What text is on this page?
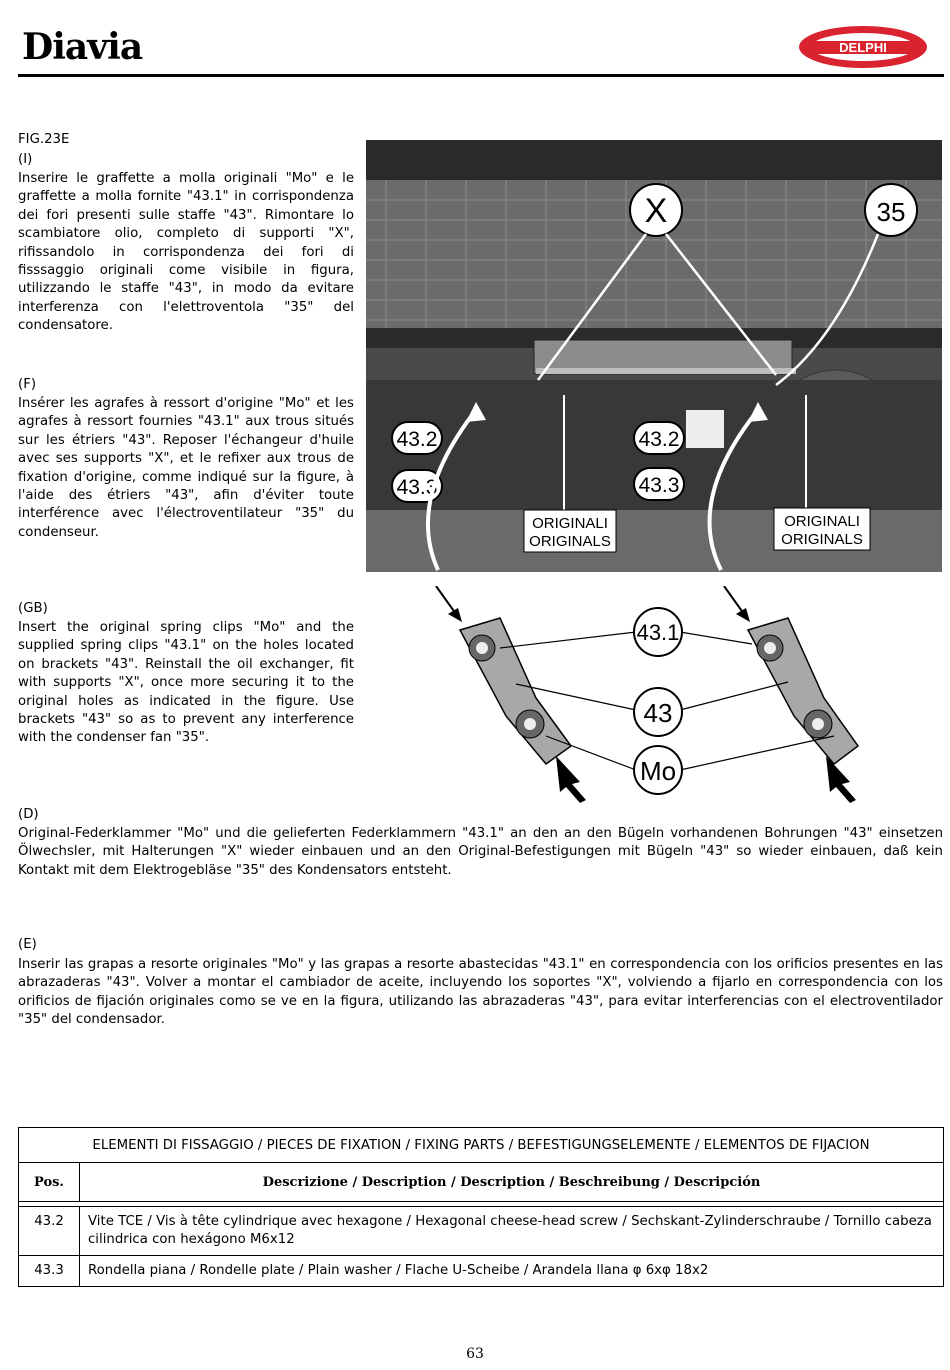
Diavia	DELPHI
FIG.23E
(I)
Inserire le graffette a molla originali "Mo" e le graffette a molla fornite "43.1" in corrispondenza dei fori presenti sulle staffe "43". Rimontare lo scambiatore olio, completo di supporti "X", rifissandolo in corrispondenza dei fori di fisssaggio originali come visibile in figura, utilizzando le staffe "43", in modo da evitare interferenza con l'elettroventola "35" del condensatore.
(F)
Insérer les agrafes à ressort d'origine "Mo" et les agrafes à ressort fournies "43.1" aux trous situés sur les étriers "43". Reposer l'échangeur d'huile avec ses supports "X", et le refixer aux trous de fixation d'origine, comme indiqué sur la figure, à l'aide des étriers "43", afin d'éviter toute interférence avec l'électroventilateur "35" du condenseur.
(GB)
Insert the original spring clips "Mo" and the supplied spring clips "43.1" on the holes located on brackets "43". Reinstall the oil exchanger, fit with supports "X", once more securing it to the original holes as indicated in the figure. Use brackets "43" so as to prevent any interference with the condenser fan "35".
X	35
43.2
43.3
43.2
43.3
ORIGINALI
ORIGINALS
ORIGINALI
ORIGINALS
43.1
43
Mo
(D)
Original-Federklammer "Mo" und die gelieferten Federklammern "43.1" an den an den Bügeln vorhandenen Bohrungen "43" einsetzen Ölwechsler, mit Halterungen "X" wieder einbauen und an den Original-Befestigungen mit Bügeln "43" so wieder einbauen, daß kein Kontakt mit dem Elektrogebläse "35" des Kondensators entsteht.
(E)
Inserir las grapas a resorte originales "Mo" y las grapas a resorte abastecidas "43.1" en correspondencia con los orificios presentes en las abrazaderas "43". Volver a montar el cambiador de aceite, incluyendo los soportes "X", volviendo a fijarlo en correspondencia con los orificios de fijación originales como se ve en la figura, utilizando las abrazaderas "43", para evitar interferencias con el electroventilador "35" del condensador.
ELEMENTI DI FISSAGGIO / PIECES DE FIXATION / FIXING PARTS / BEFESTIGUNGSELEMENTE / ELEMENTOS DE FIJACION	
Pos.	Descrizione / Description / Description / Beschreibung / Descripción

43.2	Vite TCE / Vis à tête cylindrique avec hexagone / Hexagonal cheese-head screw / Sechskant-Zylinderschraube / Tornillo cabeza cilindrica con hexágono M6x12
43.3	Rondella piana / Rondelle plate / Plain washer / Flache U-Scheibe / Arandela llana φ 6xφ 18x2
63
